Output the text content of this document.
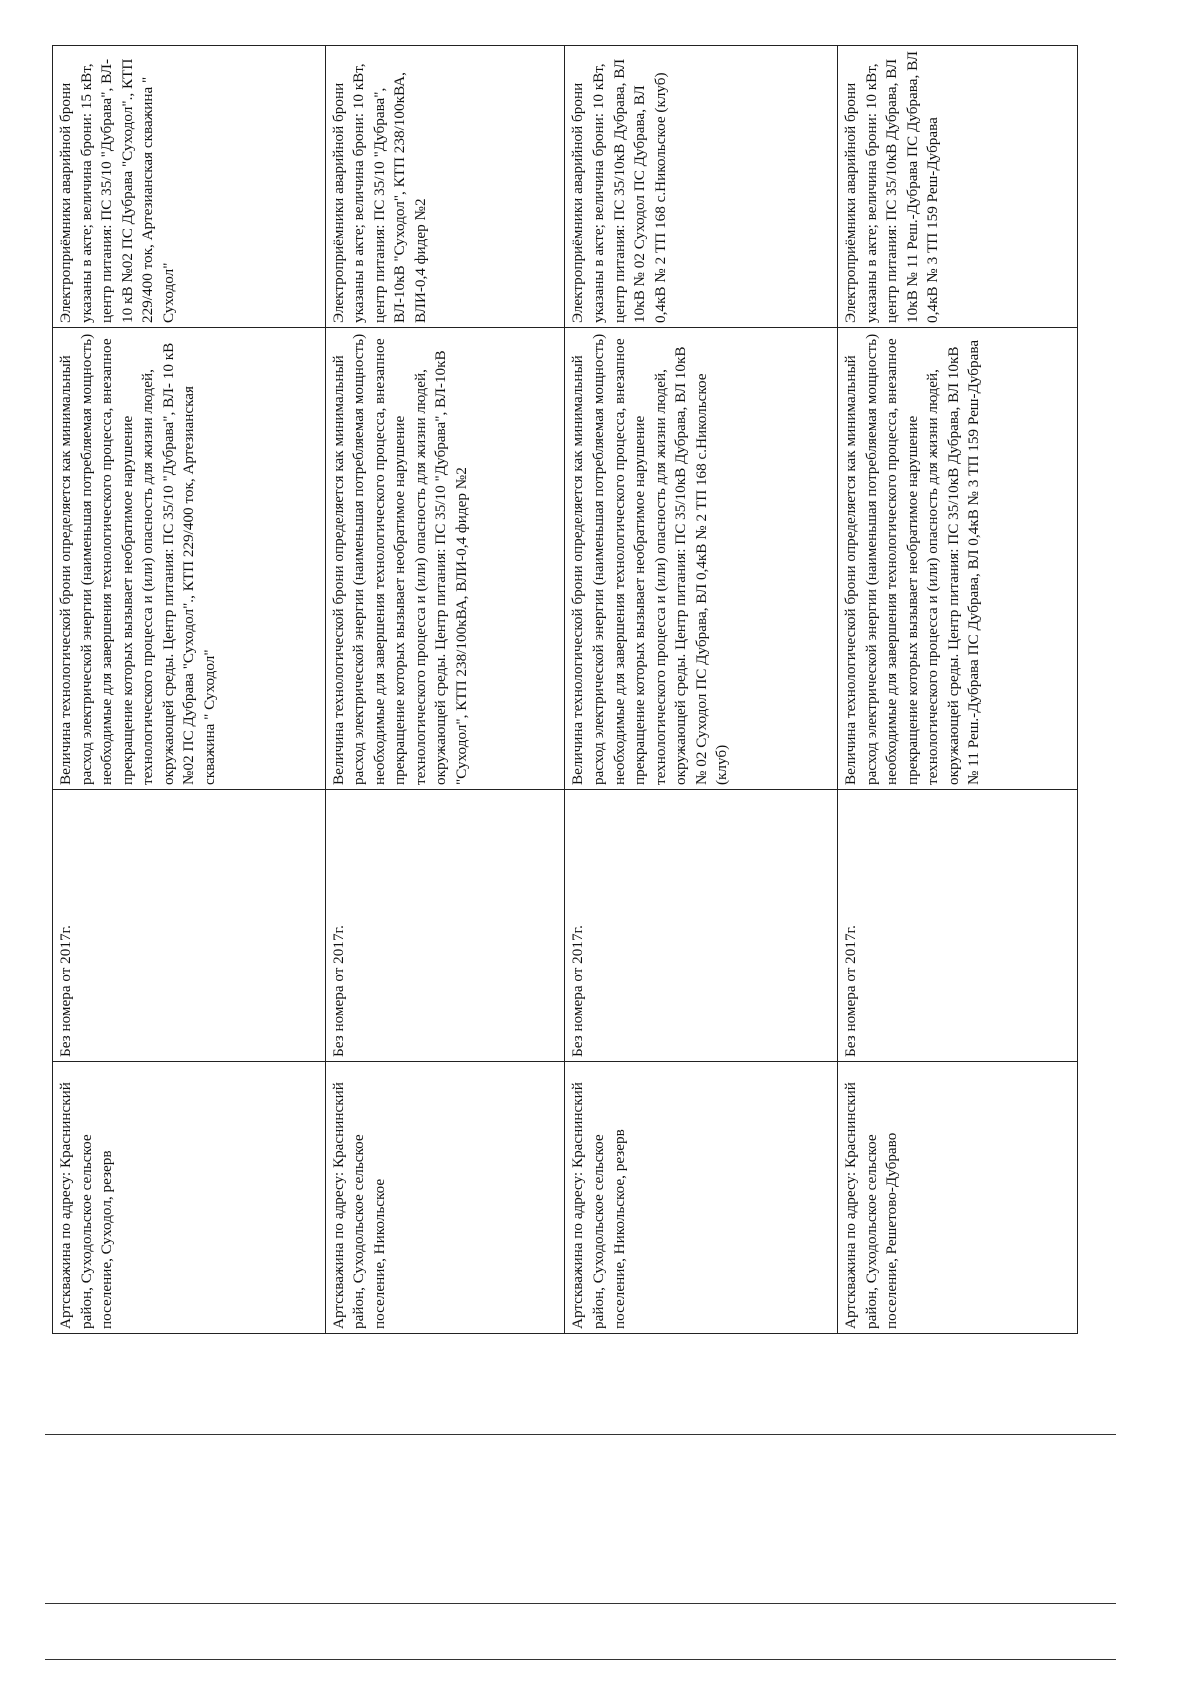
Артскважина по адресу: Краснинский район, Суходольское сельское поселение, Суходол, резерв	Без номера от 2017г.	Величина технологической брони определяется как минимальный расход электрической энергии (наименьшая потребляемая мощность) необходимые для завершения технологического процесса, внезапное прекращение которых вызывает необратимое нарушение технологического процесса и (или) опасность для жизни людей, окружающей среды. Центр питания: ПС 35/10 "Дубрава", ВЛ- 10 кВ №02 ПС Дубрава "Суходол"., КТП 229/400 ток, Артезианская скважина " Суходол"	Электроприёмники аварийной брони указаны в акте; величина брони: 15 кВт, центр питания: ПС 35/10 "Дубрава", ВЛ- 10 кВ №02 ПС Дубрава "Суходол"., КТП 229/400 ток, Артезианская скважина " Суходол"
Артскважина по адресу: Краснинский район, Суходольское сельское поселение, Никольское	Без номера от 2017г.	Величина технологической брони определяется как минимальный расход электрической энергии (наименьшая потребляемая мощность) необходимые для завершения технологического процесса, внезапное прекращение которых вызывает необратимое нарушение технологического процесса и (или) опасность для жизни людей, окружающей среды. Центр питания: ПС 35/10 "Дубрава", ВЛ-10кВ "Суходол", КТП 238/100кВА, ВЛИ-0,4 фидер №2	Электроприёмники аварийной брони указаны в акте; величина брони: 10 кВт, центр питания: ПС 35/10 "Дубрава", ВЛ-10кВ "Суходол", КТП 238/100кВА, ВЛИ-0,4 фидер №2
Артскважина по адресу: Краснинский район, Суходольское сельское поселение, Никольское, резерв	Без номера от 2017г.	Величина технологической брони определяется как минимальный расход электрической энергии (наименьшая потребляемая мощность) необходимые для завершения технологического процесса, внезапное прекращение которых вызывает необратимое нарушение технологического процесса и (или) опасность для жизни людей, окружающей среды. Центр питания: ПС 35/10кВ Дубрава, ВЛ 10кВ № 02 Суходол ПС Дубрава, ВЛ 0,4кВ № 2 ТП 168 с.Никольское (клуб)	Электроприёмники аварийной брони указаны в акте; величина брони: 10 кВт, центр питания: ПС 35/10кВ Дубрава, ВЛ 10кВ № 02 Суходол ПС Дубрава, ВЛ 0,4кВ № 2 ТП 168 с.Никольское (клуб)
Артскважина по адресу: Краснинский район, Суходольское сельское поселение, Решетово-Дубраво	Без номера от 2017г.	Величина технологической брони определяется как минимальный расход электрической энергии (наименьшая потребляемая мощность) необходимые для завершения технологического процесса, внезапное прекращение которых вызывает необратимое нарушение технологического процесса и (или) опасность для жизни людей, окружающей среды. Центр питания: ПС 35/10кВ Дубрава, ВЛ 10кВ № 11 Реш.-Дубрава ПС Дубрава, ВЛ 0,4кВ № 3 ТП 159 Реш-Дубрава	Электроприёмники аварийной брони указаны в акте; величина брони: 10 кВт, центр питания: ПС 35/10кВ Дубрава, ВЛ 10кВ № 11 Реш.-Дубрава ПС Дубрава, ВЛ 0,4кВ № 3 ТП 159 Реш-Дубрава
